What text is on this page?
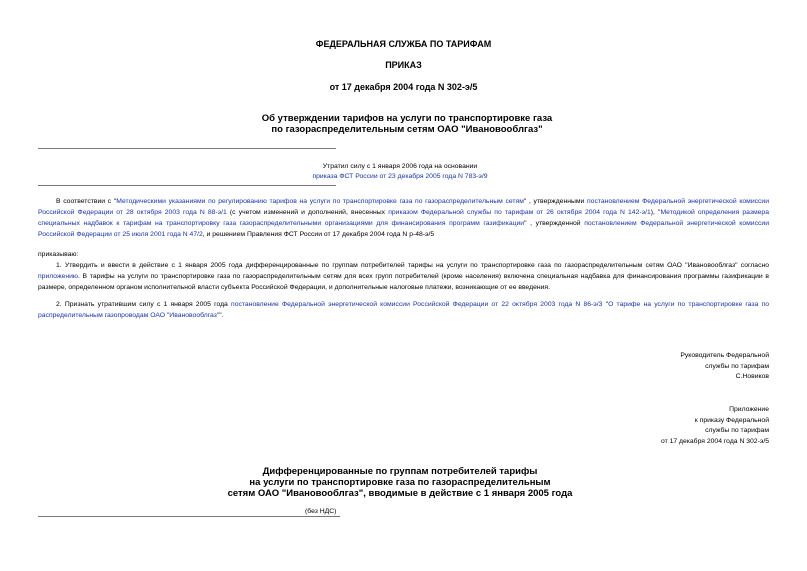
ФЕДЕРАЛЬНАЯ СЛУЖБА ПО ТАРИФАМ
ПРИКАЗ
от 17 декабря 2004 года N 302-э/5
Об утверждении тарифов на услуги по транспортировке газа
по газораспределительным сетям ОАО "Ивановооблгаз"
Утратил силу с 1 января 2006 года на основании
приказа ФСТ России от 23 декабря 2005 года N 783-э/9
В соответствии с "Методическими указаниями по регулированию тарифов на услуги по транспортировке газа по газораспределительным сетям" , утвержденными постановлением Федеральной энергетической комиссии Российской Федерации от 28 октября 2003 года N 88-э/1 (с учетом изменений и дополнений, внесенных приказом Федеральной службы по тарифам от 26 октября 2004 года N 142-э/1), "Методикой определения размера специальных надбавок к тарифам на транспортировку газа газораспределительными организациями для финансирования программ газификации" , утвержденной постановлением Федеральной энергетической комиссии Российской Федерации от 25 июля 2001 года N 47/2, и решением Правления ФСТ России от 17 декабря 2004 года N р-48-э/5
приказываю:
1. Утвердить и ввести в действие с 1 января 2005 года дифференцированные по группам потребителей тарифы на услуги по транспортировке газа по газораспределительным сетям ОАО "Ивановооблгаз" согласно приложению. В тарифы на услуги по транспортировке газа по газораспределительным сетям для всех групп потребителей (кроме населения) включена специальная надбавка для финансирования программы газификации в размере, определенном органом исполнительной власти субъекта Российской Федерации, и дополнительные налоговые платежи, возникающие от ее введения.
2. Признать утратившим силу с 1 января 2005 года постановление Федеральной энергетической комиссии Российской Федерации от 22 октября 2003 года N 86-э/3 "О тарифе на услуги по транспортировке газа по распределительным газопроводам ОАО "Ивановооблгаз"".
Руководитель Федеральной
службы по тарифам
С.Новиков
Приложение
к приказу Федеральной
службы по тарифам
от 17 декабря 2004 года N 302-э/5
Дифференцированные по группам потребителей тарифы
на услуги по транспортировке газа по газораспределительным
сетям ОАО "Ивановооблгаз", вводимые в действие с 1 января 2005 года
(без НДС)
